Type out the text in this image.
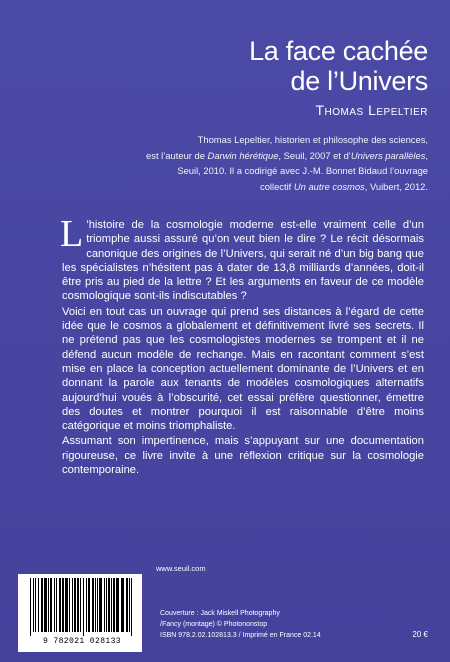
La face cachée
de l’Univers
Thomas Lepeltier
Thomas Lepeltier, historien et philosophe des sciences,
est l’auteur de Darwin hérétique, Seuil, 2007 et d’Univers parallèles,
Seuil, 2010. Il a codirigé avec J.-M. Bonnet Bidaud l’ouvrage
collectif Un autre cosmos, Vuibert, 2012.

L ’histoire de la cosmologie moderne est-elle vraiment celle d’un triomphe aussi assuré qu’on veut bien le dire ? Le récit désormais canonique des origines de l’Univers, qui serait né d’un big bang que les spécialistes n’hésitent pas à dater de 13,8 milliards d’années, doit-il être pris au pied de la lettre ? Et les arguments en faveur de ce modèle cosmologique sont-ils indiscutables ?

Voici en tout cas un ouvrage qui prend ses distances à l’égard de cette idée que le cosmos a globalement et définitivement livré ses secrets. Il ne prétend pas que les cosmologistes modernes se trompent et il ne défend aucun modèle de rechange. Mais en racontant comment s’est mise en place la conception actuellement dominante de l’Univers et en donnant la parole aux tenants de modèles cosmologiques alternatifs aujourd’hui voués à l’obscurité, cet essai préfère questionner, émettre des doutes et montrer pourquoi il est raisonnable d’être moins catégorique et moins triomphaliste.

Assumant son impertinence, mais s’appuyant sur une documentation rigoureuse, ce livre invite à une réflexion critique sur la cosmologie contemporaine.

www.seuil.com
9 782021 028133
Couverture : Jack Miskell Photography
/Fancy (montage) © Photononstop
ISBN 978.2.02.102813.3 / Imprimé en France 02.14	20 €
